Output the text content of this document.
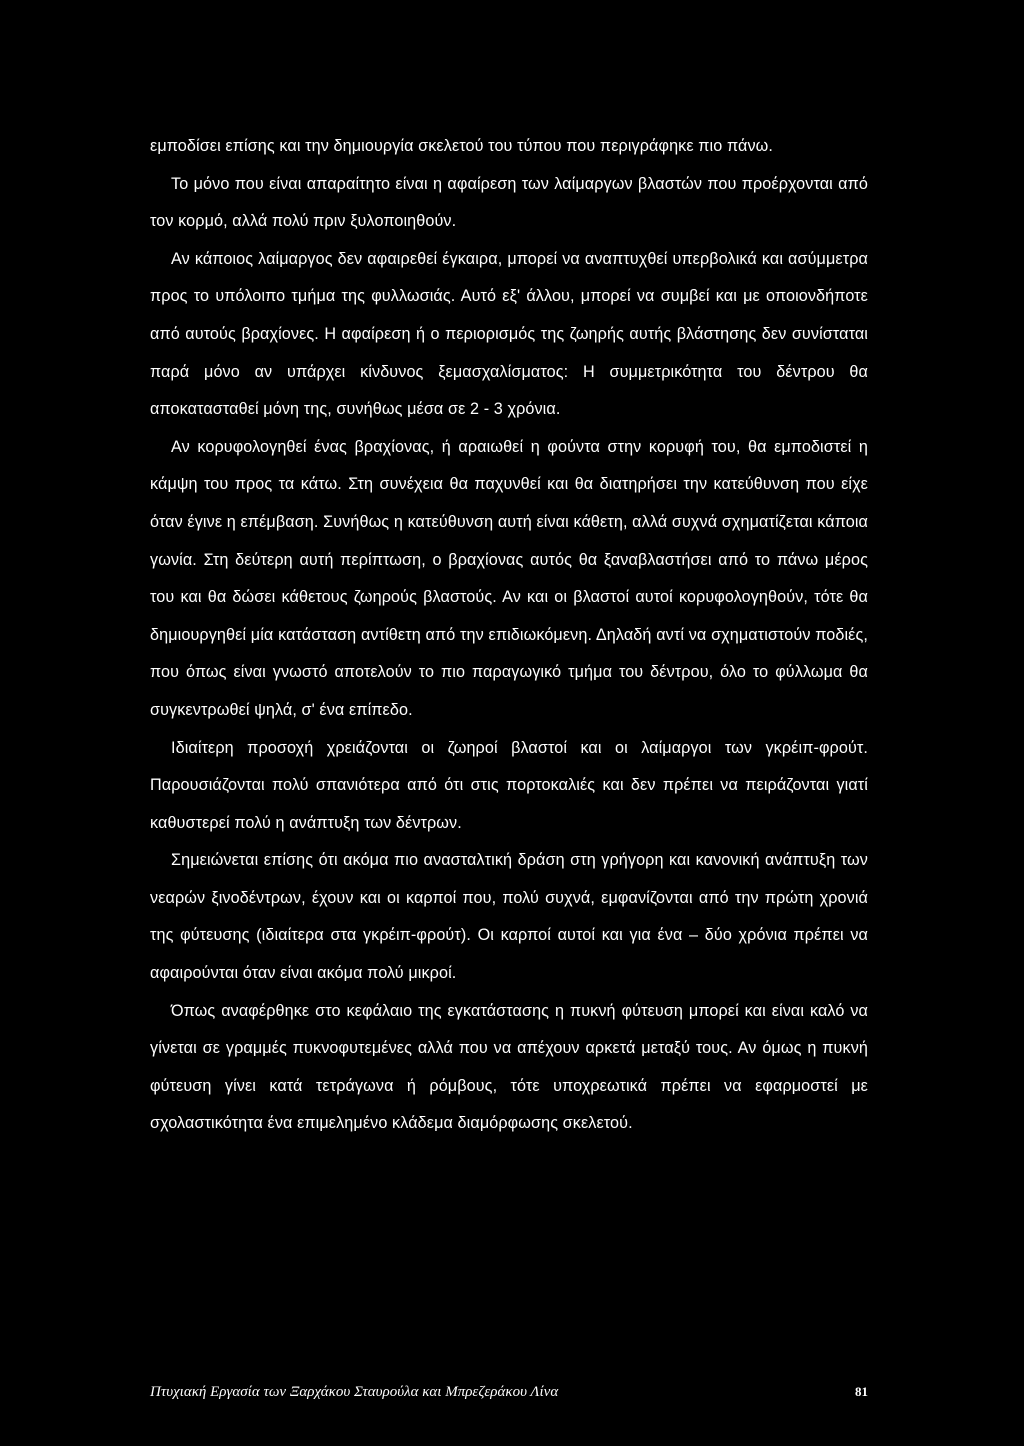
εμποδίσει επίσης και την δημιουργία σκελετού του τύπου που περιγράφηκε πιο πάνω.

Το μόνο που είναι απαραίτητο είναι η αφαίρεση των λαίμαργων βλαστών που προέρχονται από τον κορμό, αλλά πολύ πριν ξυλοποιηθούν.

Αν κάποιος λαίμαργος δεν αφαιρεθεί έγκαιρα, μπορεί να αναπτυχθεί υπερβολικά και ασύμμετρα προς το υπόλοιπο τμήμα της φυλλωσιάς. Αυτό εξ' άλλου, μπορεί να συμβεί και με οποιονδήποτε από αυτούς βραχίονες. Η αφαίρεση ή ο περιορισμός της ζωηρής αυτής βλάστησης δεν συνίσταται παρά μόνο αν υπάρχει κίνδυνος ξεμασχαλίσματος: Η συμμετρικότητα του δέντρου θα αποκατασταθεί μόνη της, συνήθως μέσα σε 2 - 3 χρόνια.

Αν κορυφολογηθεί ένας βραχίονας, ή αραιωθεί η φούντα στην κορυφή του, θα εμποδιστεί η κάμψη του προς τα κάτω. Στη συνέχεια θα παχυνθεί και θα διατηρήσει την κατεύθυνση που είχε όταν έγινε η επέμβαση. Συνήθως η κατεύθυνση αυτή είναι κάθετη, αλλά συχνά σχηματίζεται κάποια γωνία. Στη δεύτερη αυτή περίπτωση, ο βραχίονας αυτός θα ξαναβλαστήσει από το πάνω μέρος του και θα δώσει κάθετους ζωηρούς βλαστούς. Αν και οι βλαστοί αυτοί κορυφολογηθούν, τότε θα δημιουργηθεί μία κατάσταση αντίθετη από την επιδιωκόμενη. Δηλαδή αντί να σχηματιστούν ποδιές, που όπως είναι γνωστό αποτελούν το πιο παραγωγικό τμήμα του δέντρου, όλο το φύλλωμα θα συγκεντρωθεί ψηλά, σ' ένα επίπεδο.

Ιδιαίτερη προσοχή χρειάζονται οι ζωηροί βλαστοί και οι λαίμαργοι των γκρέιπ-φρούτ. Παρουσιάζονται πολύ σπανιότερα από ότι στις πορτοκαλιές και δεν πρέπει να πειράζονται γιατί καθυστερεί πολύ η ανάπτυξη των δέντρων.

Σημειώνεται επίσης ότι ακόμα πιο ανασταλτική δράση στη γρήγορη και κανονική ανάπτυξη των νεαρών ξινοδέντρων, έχουν και οι καρποί που, πολύ συχνά, εμφανίζονται από την πρώτη χρονιά της φύτευσης (ιδιαίτερα στα γκρέιπ-φρούτ). Οι καρποί αυτοί και για ένα – δύο χρόνια πρέπει να αφαιρούνται όταν είναι ακόμα πολύ μικροί.

Όπως αναφέρθηκε στο κεφάλαιο της εγκατάστασης η πυκνή φύτευση μπορεί και είναι καλό να γίνεται σε γραμμές πυκνοφυτεμένες αλλά που να απέχουν αρκετά μεταξύ τους. Αν όμως η πυκνή φύτευση γίνει κατά τετράγωνα ή ρόμβους, τότε υποχρεωτικά πρέπει να εφαρμοστεί με σχολαστικότητα ένα επιμελημένο κλάδεμα διαμόρφωσης σκελετού.

Πτυχιακή Εργασία των Ξαρχάκου Σταυρούλα και Μπρεζεράκου Λίνα	81
